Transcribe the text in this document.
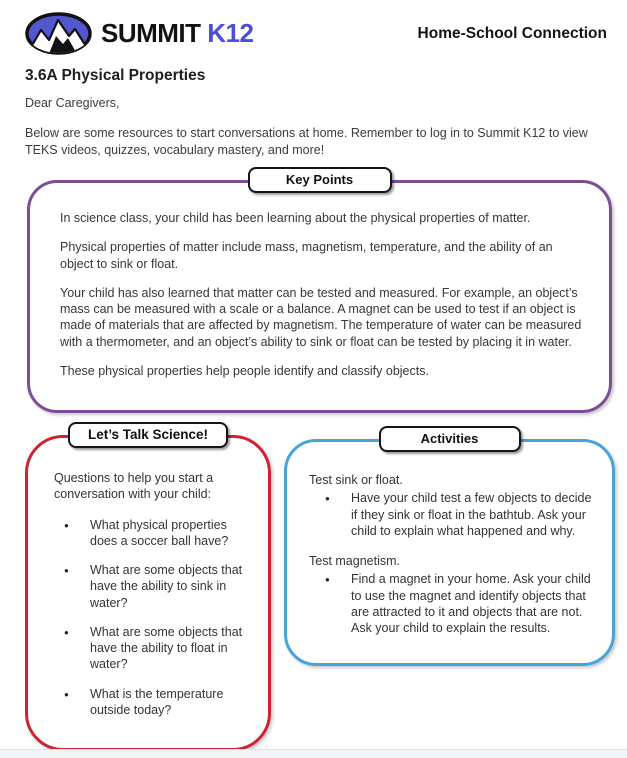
SUMMIT K12	Home-School Connection
3.6A Physical Properties
Dear Caregivers,
Below are some resources to start conversations at home. Remember to log in to Summit K12 to view TEKS videos, quizzes, vocabulary mastery, and more!
Key Points

In science class, your child has been learning about the physical properties of matter.

Physical properties of matter include mass, magnetism, temperature, and the ability of an object to sink or float.

Your child has also learned that matter can be tested and measured. For example, an object’s mass can be measured with a scale or a balance. A magnet can be used to test if an object is made of materials that are affected by magnetism. The temperature of water can be measured with a thermometer, and an object’s ability to sink or float can be tested by placing it in water.

These physical properties help people identify and classify objects.

Let’s Talk Science!

Questions to help you start a conversation with your child:

● What physical properties does a soccer ball have?
● What are some objects that have the ability to sink in water?
● What are some objects that have the ability to float in water?
● What is the temperature outside today?
Activities

Test sink or float.

● Have your child test a few objects to decide if they sink or float in the bathtub. Ask your child to explain what happened and why.

Test magnetism.

● Find a magnet in your home. Ask your child to use the magnet and identify objects that are attracted to it and objects that are not. Ask your child to explain the results.
